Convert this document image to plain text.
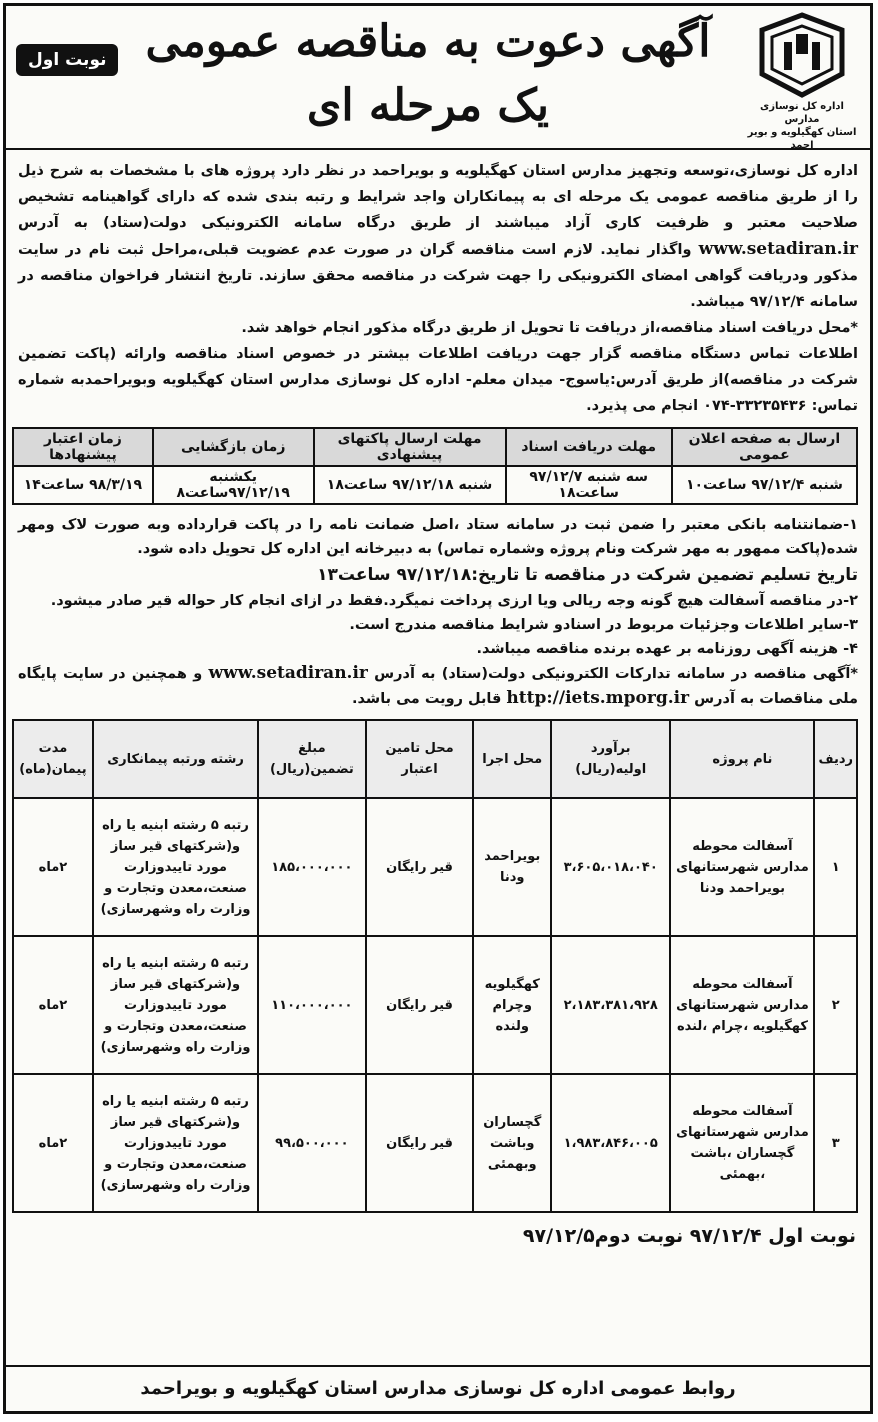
اداره کل نوسازی مدارس
استان کهگیلویه و بویر احمد
آگهی دعوت به مناقصه عمومی
یک مرحله ای
نوبت اول

اداره کل نوسازی،توسعه وتجهیز مدارس استان کهگیلویه و بویراحمد در نظر دارد پروژه های با مشخصات به شرح ذیل را از طریق مناقصه عمومی یک مرحله ای به پیمانکاران واجد شرایط و رتبه بندی شده که دارای گواهینامه تشخیص صلاحیت معتبر و ظرفیت کاری آزاد میباشند از طریق درگاه سامانه الکترونیکی دولت(ستاد) به آدرس www.setadiran.ir واگذار نماید. لازم است مناقصه گران در صورت عدم عضویت قبلی،مراحل ثبت نام در سایت مذکور ودریافت گواهی امضای الکترونیکی را جهت شرکت در مناقصه محقق سازند. تاریخ انتشار فراخوان مناقصه در سامانه ۹۷/۱۲/۴ میباشد.

*محل دریافت اسناد مناقصه،از دریافت تا تحویل از طریق درگاه مذکور انجام خواهد شد.

اطلاعات تماس دستگاه مناقصه گزار جهت دریافت اطلاعات بیشتر در خصوص اسناد مناقصه وارائه (پاکت تضمین شرکت در مناقصه)از طریق آدرس:یاسوج- میدان معلم- اداره کل نوسازی مدارس استان کهگیلویه وبویراحمدبه شماره تماس: ۳۳۲۳۵۴۳۶-۰۷۴ انجام می پذیرد.

ارسال به صفحه اعلان عمومی	مهلت دریافت اسناد	مهلت ارسال پاکتهای پیشنهادی	زمان بازگشایی	زمان اعتبار پیشنهادها
شنبه ۹۷/۱۲/۴ ساعت۱۰	سه شنبه ۹۷/۱۲/۷ ساعت۱۸	شنبه ۹۷/۱۲/۱۸ ساعت۱۸	یکشنبه ۹۷/۱۲/۱۹ساعت۸	۹۸/۳/۱۹ ساعت۱۴

۱-ضمانتنامه بانکی معتبر را ضمن ثبت در سامانه ستاد ،اصل ضمانت نامه را در پاکت قرارداده وبه صورت لاک ومهر شده(پاکت ممهور به مهر شرکت ونام پروژه وشماره تماس) به دبیرخانه این اداره کل تحویل داده شود.

تاریخ تسلیم تضمین شرکت در مناقصه تا تاریخ:۹۷/۱۲/۱۸ ساعت۱۳

۲-در مناقصه آسفالت هیچ گونه وجه ریالی ویا ارزی پرداخت نمیگرد.فقط در ازای انجام کار حواله قیر صادر میشود.

۳-سایر اطلاعات وجزئیات مربوط در اسنادو شرایط مناقصه مندرج است.

۴- هزینه آگهی روزنامه بر عهده برنده مناقصه میباشد.

*آگهی مناقصه در سامانه تدارکات الکترونیکی دولت(ستاد) به آدرس www.setadiran.ir و همچنین در سایت پایگاه ملی مناقصات به آدرس http://iets.mporg.ir قابل رویت می باشد.

ردیف	نام پروژه	برآورد اولیه(ریال)	محل اجرا	محل تامین اعتبار	مبلغ تضمین(ریال)	رشته ورتبه پیمانکاری	مدت پیمان(ماه)
۱	آسفالت محوطه مدارس شهرستانهای بویراحمد ودنا	۳،۶۰۵،۰۱۸،۰۴۰	بویراحمد ودنا	قیر رایگان	۱۸۵،۰۰۰،۰۰۰	رتبه ۵ رشته ابنیه یا راه و(شرکتهای قیر ساز مورد تاییدوزارت صنعت،معدن وتجارت و وزارت راه وشهرسازی)	۲ماه
۲	آسفالت محوطه مدارس شهرستانهای کهگیلویه ،چرام ،لنده	۲،۱۸۳،۳۸۱،۹۲۸	کهگیلویه وچرام ولنده	قیر رایگان	۱۱۰،۰۰۰،۰۰۰	رتبه ۵ رشته ابنیه یا راه و(شرکتهای قیر ساز مورد تاییدوزارت صنعت،معدن وتجارت و وزارت راه وشهرسازی)	۲ماه
۳	آسفالت محوطه مدارس شهرستانهای گچساران ،باشت ،بهمئی	۱،۹۸۳،۸۴۶،۰۰۵	گچساران وباشت وبهمئی	قیر رایگان	۹۹،۵۰۰،۰۰۰	رتبه ۵ رشته ابنیه یا راه و(شرکتهای قیر ساز مورد تاییدوزارت صنعت،معدن وتجارت و وزارت راه وشهرسازی)	۲ماه
نوبت اول ۹۷/۱۲/۴ نوبت دوم۹۷/۱۲/۵
روابط عمومی اداره کل نوسازی مدارس استان کهگیلویه و بویراحمد
